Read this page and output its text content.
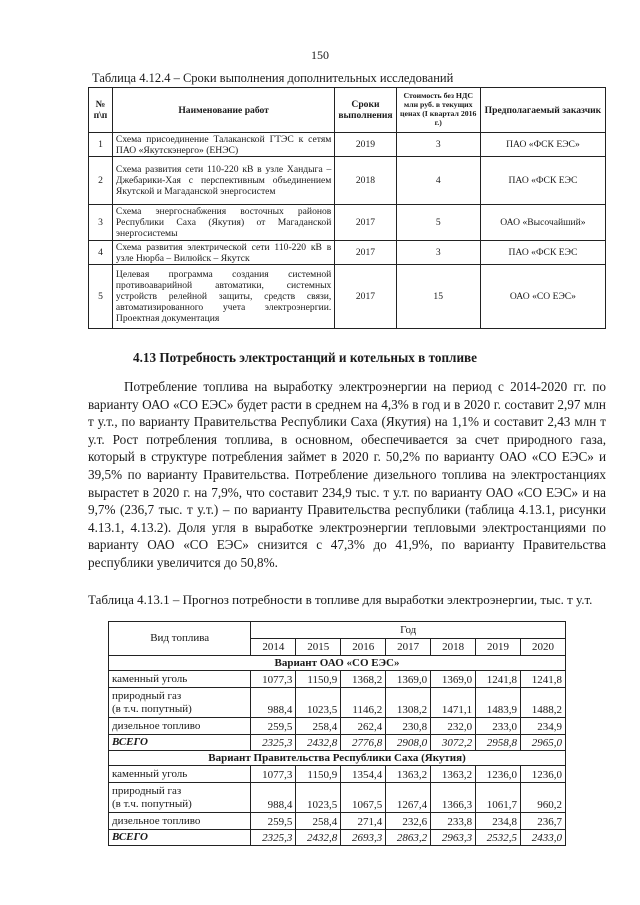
150
Таблица 4.12.4 – Сроки выполнения дополнительных исследований
№ п\п	Наименование работ	Сроки выполнения	Стоимость без НДС млн руб. в текущих ценах (I квартал 2016 г.)	Предполагаемый заказчик
1	Схема присоединение Талаканской ГТЭС к сетям ПАО «Якутскэнерго» (ЕНЭС)	2019	3	ПАО «ФСК ЕЭС»
2	Схема развития сети 110-220 кВ в узле Хандыга – Джебарики-Хая с перспективным объединением Якутской и Магаданской энергосистем	2018	4	ПАО «ФСК ЕЭС
3	Схема энергоснабжения восточных районов Республики Саха (Якутия) от Магаданской энергосистемы	2017	5	ОАО «Высочайший»
4	Схема развития электрической сети 110-220 кВ в узле Нюрба – Вилюйск – Якутск	2017	3	ПАО «ФСК ЕЭС
5	Целевая программа создания системной противоаварийной автоматики, системных устройств релейной защиты, средств связи, автоматизированного учета электроэнергии. Проектная документация	2017	15	ОАО «СО ЕЭС»
4.13 Потребность электростанций и котельных в топливе
Потребление топлива на выработку электроэнергии на период с 2014-2020 гг. по варианту ОАО «СО ЕЭС» будет расти в среднем на 4,3% в год и в 2020 г. составит 2,97 млн т у.т., по варианту Правительства Республики Саха (Якутия) на 1,1% и составит 2,43 млн т у.т. Рост потребления топлива, в основном, обеспечивается за счет природного газа, который в структуре потребления займет в 2020 г. 50,2% по варианту ОАО «СО ЕЭС» и 39,5% по варианту Правительства. Потребление дизельного топлива на электростанциях вырастет в 2020 г. на 7,9%, что составит 234,9 тыс. т у.т. по варианту ОАО «СО ЕЭС» и на 9,7% (236,7 тыс. т у.т.) – по варианту Правительства республики (таблица 4.13.1, рисунки 4.13.1, 4.13.2). Доля угля в выработке электроэнергии тепловыми электростанциями по варианту ОАО «СО ЕЭС» снизится с 47,3% до 41,9%, по варианту Правительства республики увеличится до 50,8%.
Таблица 4.13.1 – Прогноз потребности в топливе для выработки электроэнергии, тыс. т у.т.
Вид топлива	Год						
	2014	2015	2016	2017	2018	2019	2020
Вариант ОАО «СО ЕЭС»							
каменный уголь	1077,3	1150,9	1368,2	1369,0	1369,0	1241,8	1241,8

природный газ
(в т.ч. попутный)	988,4	1023,5	1146,2	1308,2	1471,1	1483,9	1488,2
дизельное топливо	259,5	258,4	262,4	230,8	232,0	233,0	234,9
ВСЕГО	2325,3	2432,8	2776,8	2908,0	3072,2	2958,8	2965,0
Вариант Правительства Республики Саха (Якутия)							
каменный уголь	1077,3	1150,9	1354,4	1363,2	1363,2	1236,0	1236,0

природный газ
(в т.ч. попутный)	988,4	1023,5	1067,5	1267,4	1366,3	1061,7	960,2
дизельное топливо	259,5	258,4	271,4	232,6	233,8	234,8	236,7
ВСЕГО	2325,3	2432,8	2693,3	2863,2	2963,3	2532,5	2433,0
